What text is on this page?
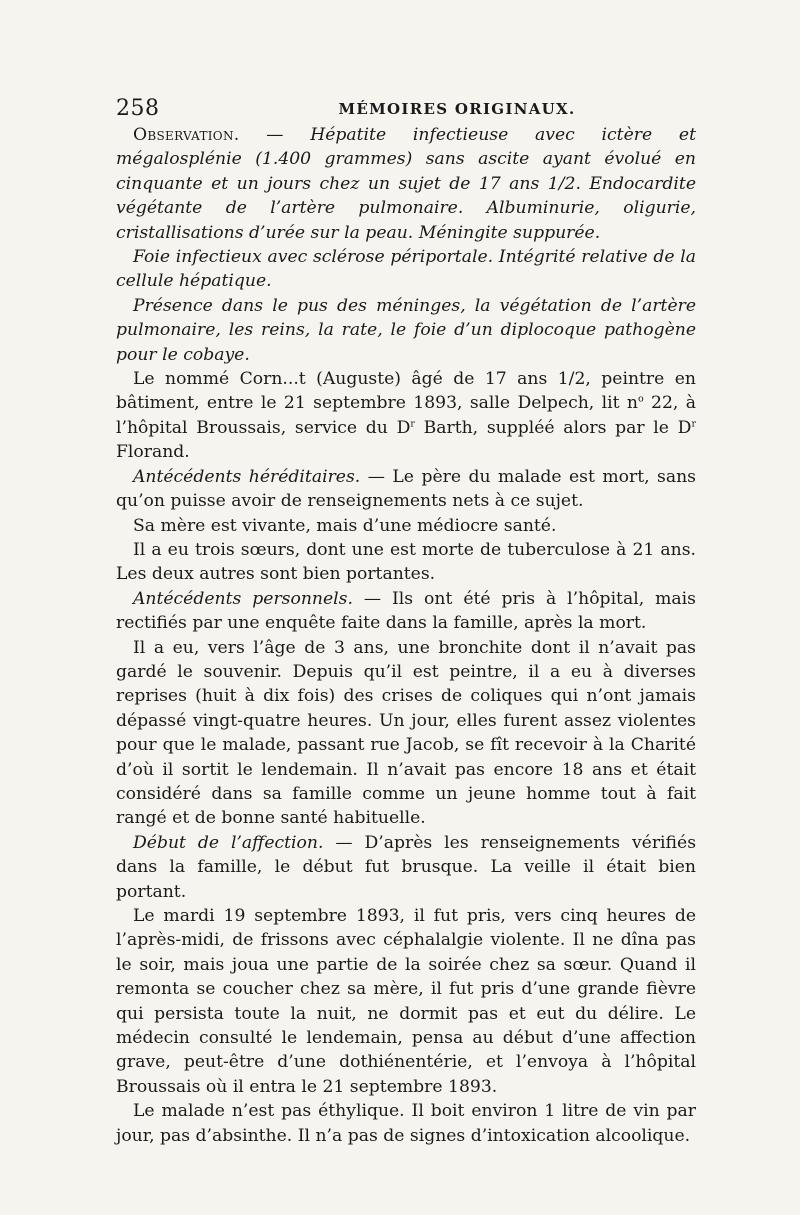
258	MÉMOIRES ORIGINAUX.

Observation. — Hépatite infectieuse avec ictère et mégalosplénie (1.400 grammes) sans ascite ayant évolué en cinquante et un jours chez un sujet de 17 ans 1/2. Endocardite végétante de l’artère pulmonaire. Albuminurie, oligurie, cristallisations d’urée sur la peau. Méningite suppurée.

Foie infectieux avec sclérose périportale. Intégrité relative de la cellule hépatique.

Présence dans le pus des méninges, la végétation de l’artère pulmonaire, les reins, la rate, le foie d’un diplocoque pathogène pour le cobaye.

Le nommé Corn...t (Auguste) âgé de 17 ans 1/2, peintre en bâtiment, entre le 21 septembre 1893, salle Delpech, lit $n^o$ 22, à l’hôpital Broussais, service du $D^r$ Barth, suppléé alors par le $D^r$ Florand.

Antécédents héréditaires. — Le père du malade est mort, sans qu’on puisse avoir de renseignements nets à ce sujet.

Sa mère est vivante, mais d’une médiocre santé.

Il a eu trois sœurs, dont une est morte de tuberculose à 21 ans. Les deux autres sont bien portantes.

Antécédents personnels. — Ils ont été pris à l’hôpital, mais rectifiés par une enquête faite dans la famille, après la mort.

Il a eu, vers l’âge de 3 ans, une bronchite dont il n’avait pas gardé le souvenir. Depuis qu’il est peintre, il a eu à diverses reprises (huit à dix fois) des crises de coliques qui n’ont jamais dépassé vingt-quatre heures. Un jour, elles furent assez violentes pour que le malade, passant rue Jacob, se fît recevoir à la Charité d’où il sortit le lendemain. Il n’avait pas encore 18 ans et était considéré dans sa famille comme un jeune homme tout à fait rangé et de bonne santé habituelle.

Début de l’affection. — D’après les renseignements vérifiés dans la famille, le début fut brusque. La veille il était bien portant.

Le mardi 19 septembre 1893, il fut pris, vers cinq heures de l’après-midi, de frissons avec céphalalgie violente. Il ne dîna pas le soir, mais joua une partie de la soirée chez sa sœur. Quand il remonta se coucher chez sa mère, il fut pris d’une grande fièvre qui persista toute la nuit, ne dormit pas et eut du délire. Le médecin consulté le lendemain, pensa au début d’une affection grave, peut-être d’une dothiénentérie, et l’envoya à l’hôpital Broussais où il entra le 21 septembre 1893.

Le malade n’est pas éthylique. Il boit environ 1 litre de vin par jour, pas d’absinthe. Il n’a pas de signes d’intoxication alcoolique.
